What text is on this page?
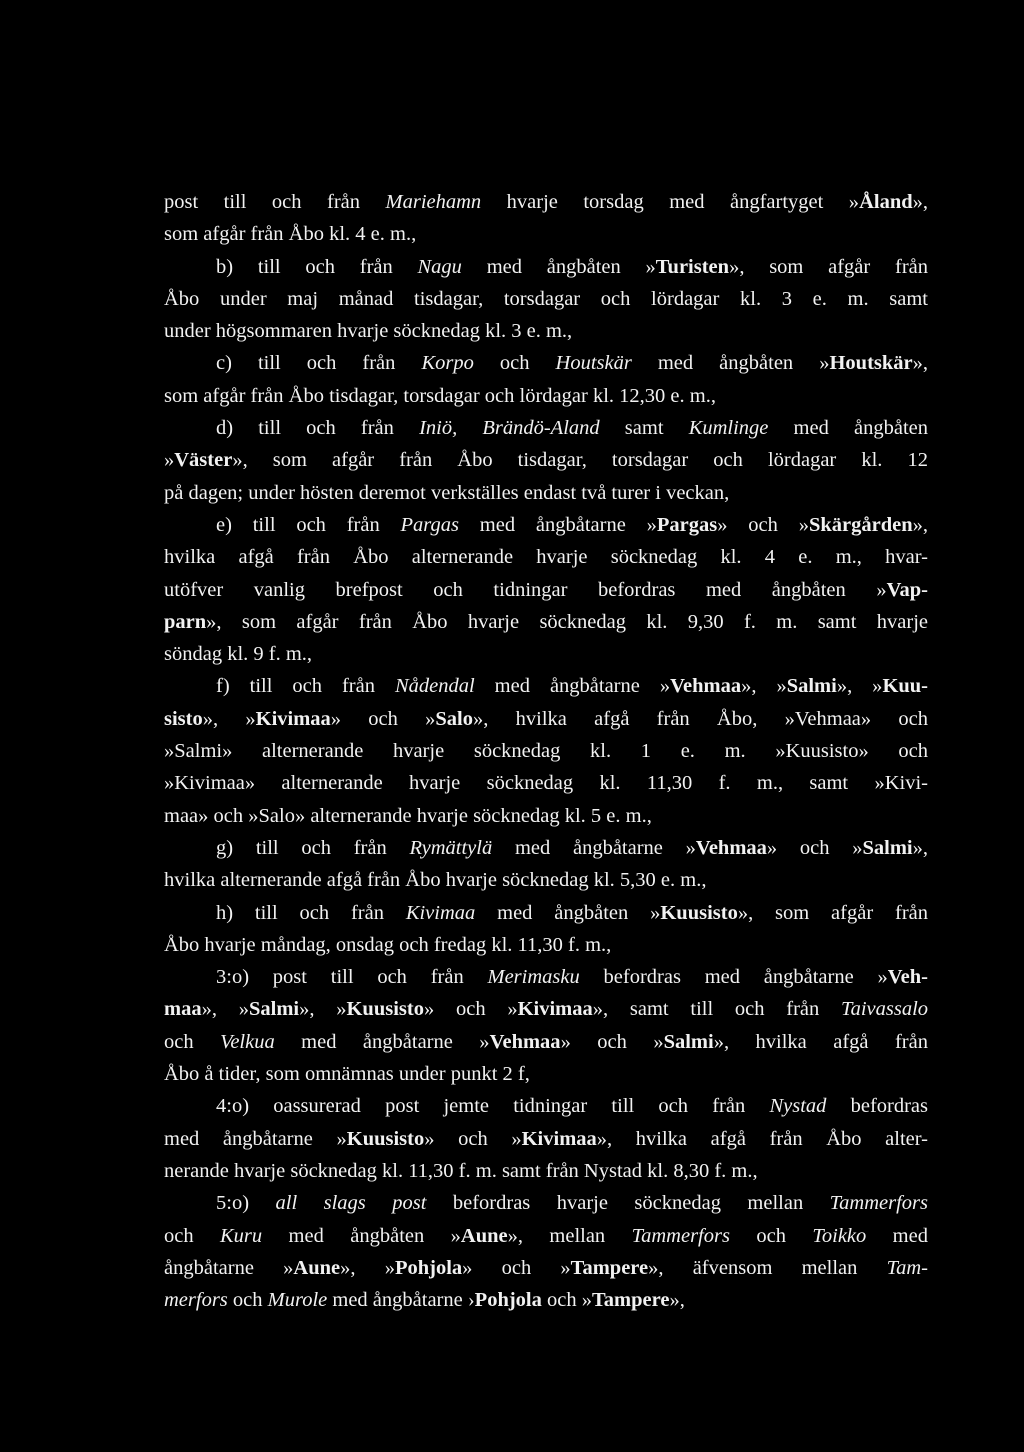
post till och från Mariehamn hvarje torsdag med ångfartyget »Åland»,
som afgår från Åbo kl. 4 e. m.,
b) till och från Nagu med ångbåten »Turisten», som afgår från
Åbo under maj månad tisdagar, torsdagar och lördagar kl. 3 e. m. samt
under högsommaren hvarje söcknedag kl. 3 e. m.,
c) till och från Korpo och Houtskär med ångbåten »Houtskär»,
som afgår från Åbo tisdagar, torsdagar och lördagar kl. 12,30 e. m.,
d) till och från Iniö, Brändö-Aland samt Kumlinge med ångbåten
»Väster», som afgår från Åbo tisdagar, torsdagar och lördagar kl. 12
på dagen; under hösten deremot verkställes endast två turer i veckan,
e) till och från Pargas med ångbåtarne »Pargas» och »Skärgården»,
hvilka afgå från Åbo alternerande hvarje söcknedag kl. 4 e. m., hvar-
utöfver vanlig brefpost och tidningar befordras med ångbåten »Vap-
parn», som afgår från Åbo hvarje söcknedag kl. 9,30 f. m. samt hvarje
söndag kl. 9 f. m.,
f) till och från Nådendal med ångbåtarne »Vehmaa», »Salmi», »Kuu-
sisto», »Kivimaa» och »Salo», hvilka afgå från Åbo, »Vehmaa» och
»Salmi» alternerande hvarje söcknedag kl. 1 e. m. »Kuusisto» och
»Kivimaa» alternerande hvarje söcknedag kl. 11,30 f. m., samt »Kivi-
maa» och »Salo» alternerande hvarje söcknedag kl. 5 e. m.,
g) till och från Rymättylä med ångbåtarne »Vehmaa» och »Salmi»,
hvilka alternerande afgå från Åbo hvarje söcknedag kl. 5,30 e. m.,
h) till och från Kivimaa med ångbåten »Kuusisto», som afgår från
Åbo hvarje måndag, onsdag och fredag kl. 11,30 f. m.,
3:o) post till och från Merimasku befordras med ångbåtarne »Veh-
maa», »Salmi», »Kuusisto» och »Kivimaa», samt till och från Taivassalo
och Velkua med ångbåtarne »Vehmaa» och »Salmi», hvilka afgå från
Åbo å tider, som omnämnas under punkt 2 f,
4:o) oassurerad post jemte tidningar till och från Nystad befordras
med ångbåtarne »Kuusisto» och »Kivimaa», hvilka afgå från Åbo alter-
nerande hvarje söcknedag kl. 11,30 f. m. samt från Nystad kl. 8,30 f. m.,
5:o) all slags post befordras hvarje söcknedag mellan Tammerfors
och Kuru med ångbåten »Aune», mellan Tammerfors och Toikko med
ångbåtarne »Aune», »Pohjola» och »Tampere», äfvensom mellan Tam-
merfors och Murole med ångbåtarne ›Pohjola och »Tampere»,
